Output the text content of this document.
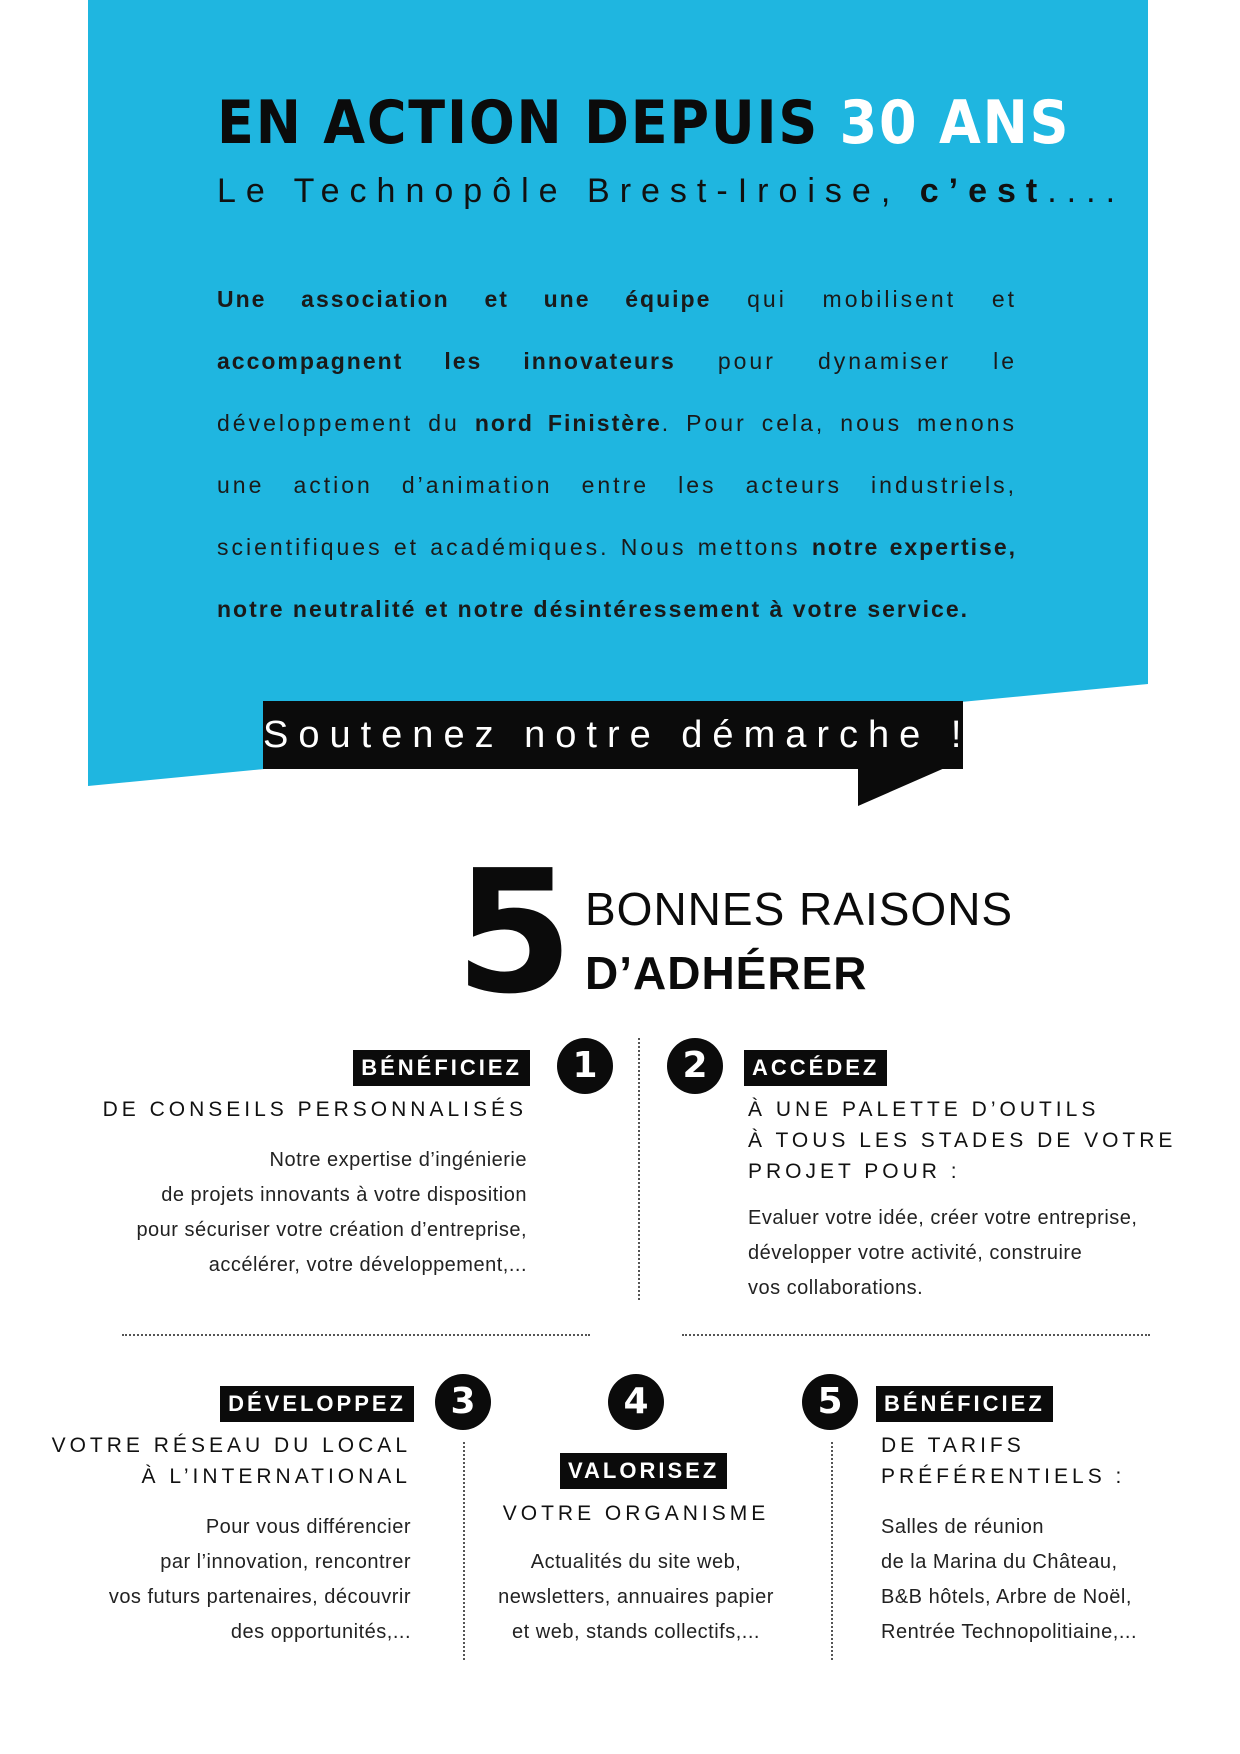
EN ACTION DEPUIS 30 ANS
Le Technopôle Brest-Iroise, c’est....

Une association et une équipe qui mobilisent et accompagnent les innovateurs pour dynamiser le développement du nord Finistère. Pour cela, nous menons une action d’animation entre les acteurs industriels, scientifiques et académiques. Nous mettons notre expertise, notre neutralité et notre désintéressement à votre service.

Soutenez notre démarche !
5 BONNES RAISONS
D’ADHÉRER
BÉNÉFICIEZ	1
DE CONSEILS PERSONNALISÉS
Notre expertise d’ingénierie
de projets innovants à votre disposition
pour sécuriser votre création d’entreprise,
accélérer, votre développement,...
2	ACCÉDEZ
À UNE PALETTE D’OUTILS
À TOUS LES STADES DE VOTRE
PROJET POUR :
Evaluer votre idée, créer votre entreprise,
développer votre activité, construire
vos collaborations.
DÉVELOPPEZ	3
VOTRE RÉSEAU DU LOCAL
À L’INTERNATIONAL
Pour vous différencier
par l’innovation, rencontrer
vos futurs partenaires, découvrir
des opportunités,...
4
VALORISEZ
VOTRE ORGANISME
Actualités du site web,
newsletters, annuaires papier
et web, stands collectifs,...
5	BÉNÉFICIEZ
DE TARIFS
PRÉFÉRENTIELS :
Salles de réunion
de la Marina du Château,
B&B hôtels, Arbre de Noël,
Rentrée Technopolitiaine,...
